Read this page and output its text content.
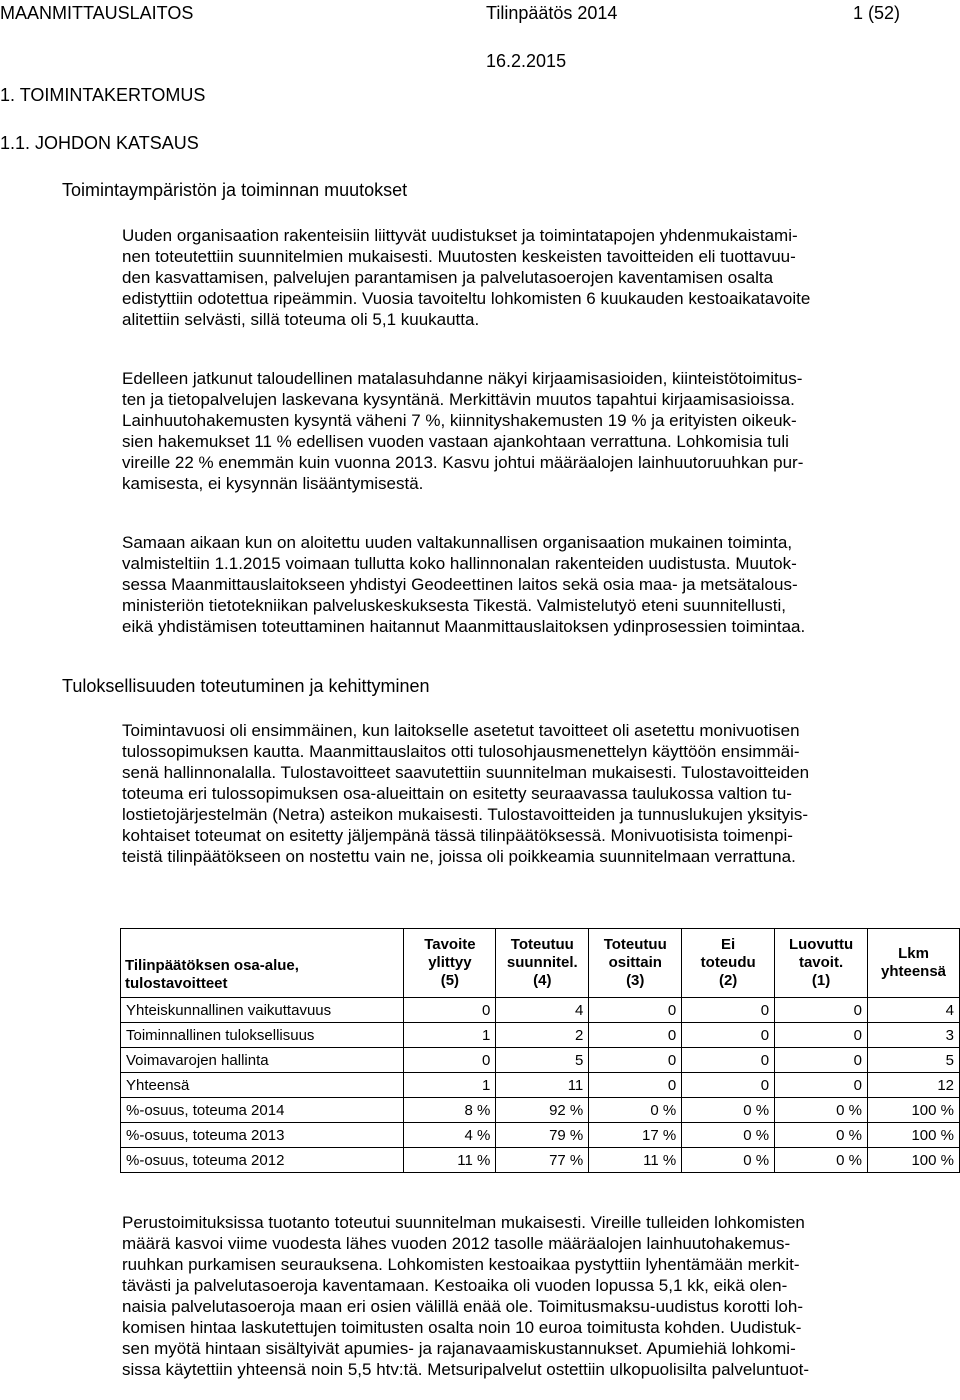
MAANMITTAUSLAITOS	Tilinpäätös 2014	1 (52)
16.2.2015
1. TOIMINTAKERTOMUS
1.1. JOHDON KATSAUS
Toimintaympäristön ja toiminnan muutokset
Uuden organisaation rakenteisiin liittyvät uudistukset ja toimintatapojen yhdenmukaistami-
nen toteutettiin suunnitelmien mukaisesti. Muutosten keskeisten tavoitteiden eli tuottavuu-
den kasvattamisen, palvelujen parantamisen ja palvelutasoerojen kaventamisen osalta
edistyttiin odotettua ripeämmin. Vuosia tavoiteltu lohkomisten 6 kuukauden kestoaikatavoite
alitettiin selvästi, sillä toteuma oli 5,1 kuukautta.
Edelleen jatkunut taloudellinen matalasuhdanne näkyi kirjaamisasioiden, kiinteistötoimitus-
ten ja tietopalvelujen laskevana kysyntänä. Merkittävin muutos tapahtui kirjaamisasioissa.
Lainhuutohakemusten kysyntä väheni 7 %, kiinnityshakemusten 19 % ja erityisten oikeuk-
sien hakemukset 11 % edellisen vuoden vastaan ajankohtaan verrattuna. Lohkomisia tuli
vireille 22 % enemmän kuin vuonna 2013. Kasvu johtui määräalojen lainhuutoruuhkan pur-
kamisesta, ei kysynnän lisääntymisestä.
Samaan aikaan kun on aloitettu uuden valtakunnallisen organisaation mukainen toiminta,
valmisteltiin 1.1.2015 voimaan tullutta koko hallinnonalan rakenteiden uudistusta. Muutok-
sessa Maanmittauslaitokseen yhdistyi Geodeettinen laitos sekä osia maa- ja metsätalous-
ministeriön tietotekniikan palveluskeskuksesta Tikestä. Valmistelutyö eteni suunnitellusti,
eikä yhdistämisen toteuttaminen haitannut Maanmittauslaitoksen ydinprosessien toimintaa.
Tuloksellisuuden toteutuminen ja kehittyminen
Toimintavuosi oli ensimmäinen, kun laitokselle asetetut tavoitteet oli asetettu monivuotisen
tulossopimuksen kautta. Maanmittauslaitos otti tulosohjausmenettelyn käyttöön ensimmäi-
senä hallinnonalalla. Tulostavoitteet saavutettiin suunnitelman mukaisesti. Tulostavoitteiden
toteuma eri tulossopimuksen osa-alueittain on esitetty seuraavassa taulukossa valtion tu-
lostietojärjestelmän (Netra) asteikon mukaisesti. Tulostavoitteiden ja tunnuslukujen yksityis-
kohtaiset toteumat on esitetty jäljempänä tässä tilinpäätöksessä. Monivuotisista toimenpi-
teistä tilinpäätökseen on nostettu vain ne, joissa oli poikkeamia suunnitelmaan verrattuna.
Tilinpäätöksen osa-alue,
tulostavoitteet	Tavoite
ylittyy
(5)	Toteutuu
suunnitel.
(4)	Toteutuu
osittain
(3)	Ei
toteudu
(2)	Luovuttu
tavoit.
(1)	Lkm
yhteensä
Yhteiskunnallinen vaikuttavuus	0	4	0	0	0	4
Toiminnallinen tuloksellisuus	1	2	0	0	0	3
Voimavarojen hallinta	0	5	0	0	0	5
Yhteensä	1	11	0	0	0	12
%-osuus, toteuma 2014	8 %	92 %	0 %	0 %	0 %	100 %
%-osuus, toteuma 2013	4 %	79 %	17 %	0 %	0 %	100 %
%-osuus, toteuma 2012	11 %	77 %	11 %	0 %	0 %	100 %
Perustoimituksissa tuotanto toteutui suunnitelman mukaisesti. Vireille tulleiden lohkomisten
määrä kasvoi viime vuodesta lähes vuoden 2012 tasolle määräalojen lainhuutohakemus-
ruuhkan purkamisen seurauksena. Lohkomisten kestoaikaa pystyttiin lyhentämään merkit-
tävästi ja palvelutasoeroja kaventamaan. Kestoaika oli vuoden lopussa 5,1 kk, eikä olen-
naisia palvelutasoeroja maan eri osien välillä enää ole. Toimitusmaksu-uudistus korotti loh-
komisen hintaa laskutettujen toimitusten osalta noin 10 euroa toimitusta kohden. Uudistuk-
sen myötä hintaan sisältyivät apumies- ja rajanavaamiskustannukset. Apumiehiä lohkomi-
sissa käytettiin yhteensä noin 5,5 htv:tä. Metsuripalvelut ostettiin ulkopuolisilta palveluntuot-
